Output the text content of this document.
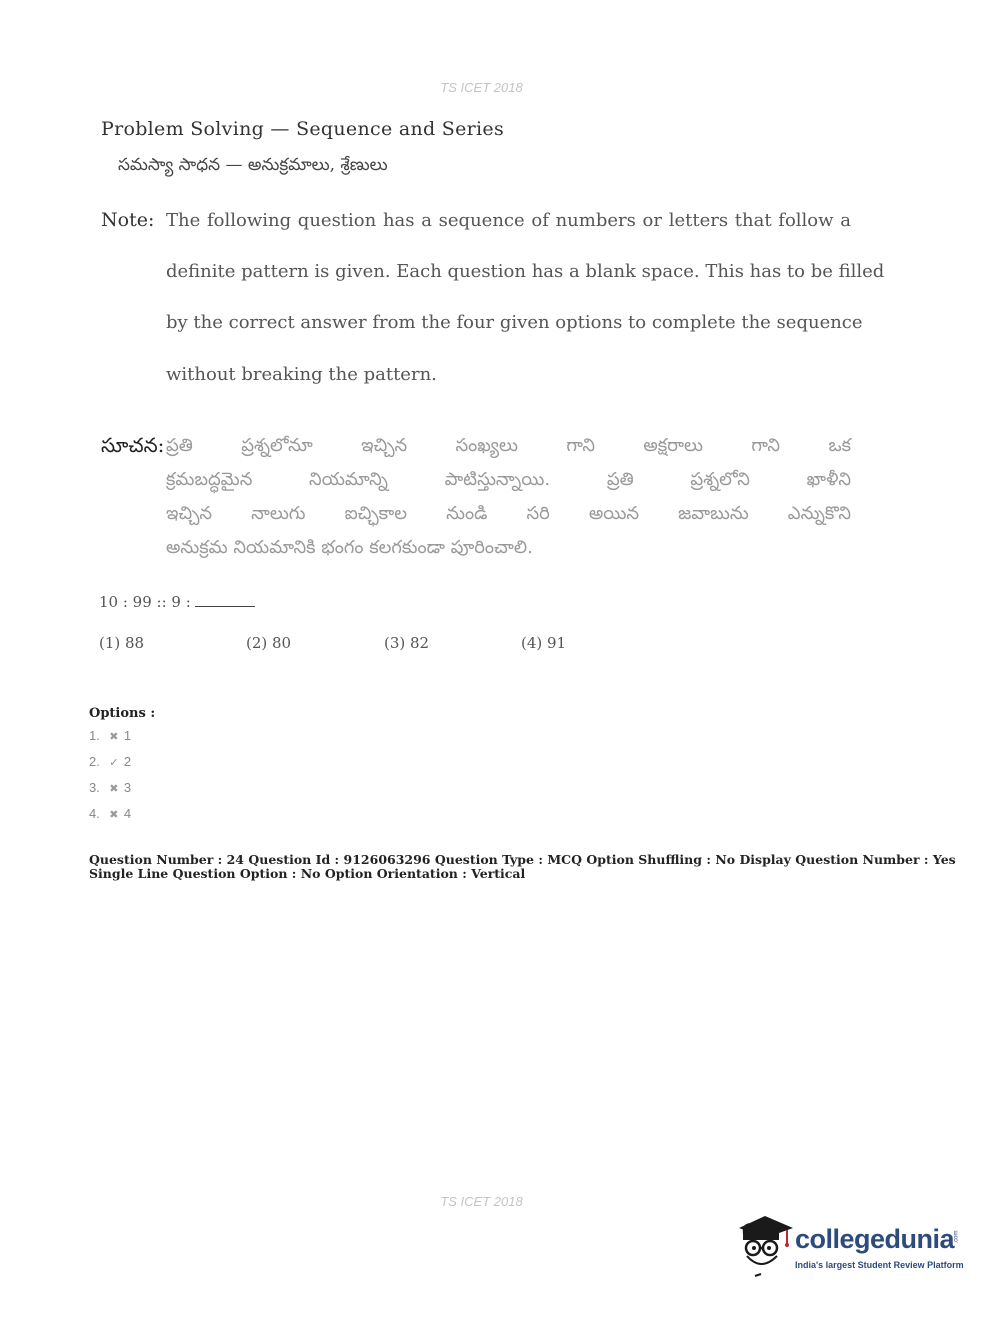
TS ICET 2018
Problem Solving — Sequence and Series
సమస్యా సాధన — అనుక్రమాలు, శ్రేణులు
Note: The following question has a sequence of numbers or letters that follow a
definite pattern is given. Each question has a blank space. This has to be filled
by the correct answer from the four given options to complete the sequence
without breaking the pattern.
సూచన: ప్రతి ప్రశ్నలోనూ ఇచ్చిన సంఖ్యలు గాని అక్షరాలు గాని ఒక
క్రమబద్ధమైన నియమాన్ని పాటిస్తున్నాయి. ప్రతి ప్రశ్నలోని ఖాళీని
ఇచ్చిన నాలుగు ఐచ్ఛికాల నుండి సరి అయిన జవాబును ఎన్నుకొని
అనుక్రమ నియమానికి భంగం కలగకుండా పూరించాలి.
10 : 99 :: 9 :
(1) 88	(2) 80	(3) 82	(4) 91
Options :
1. ✖ 1
2. ✓ 2
3. ✖ 3
4. ✖ 4
Question Number : 24 Question Id : 9126063296 Question Type : MCQ Option Shuffling : No Display Question Number : Yes
Single Line Question Option : No Option Orientation : Vertical
TS ICET 2018
collegedunia .com
India's largest Student Review Platform
